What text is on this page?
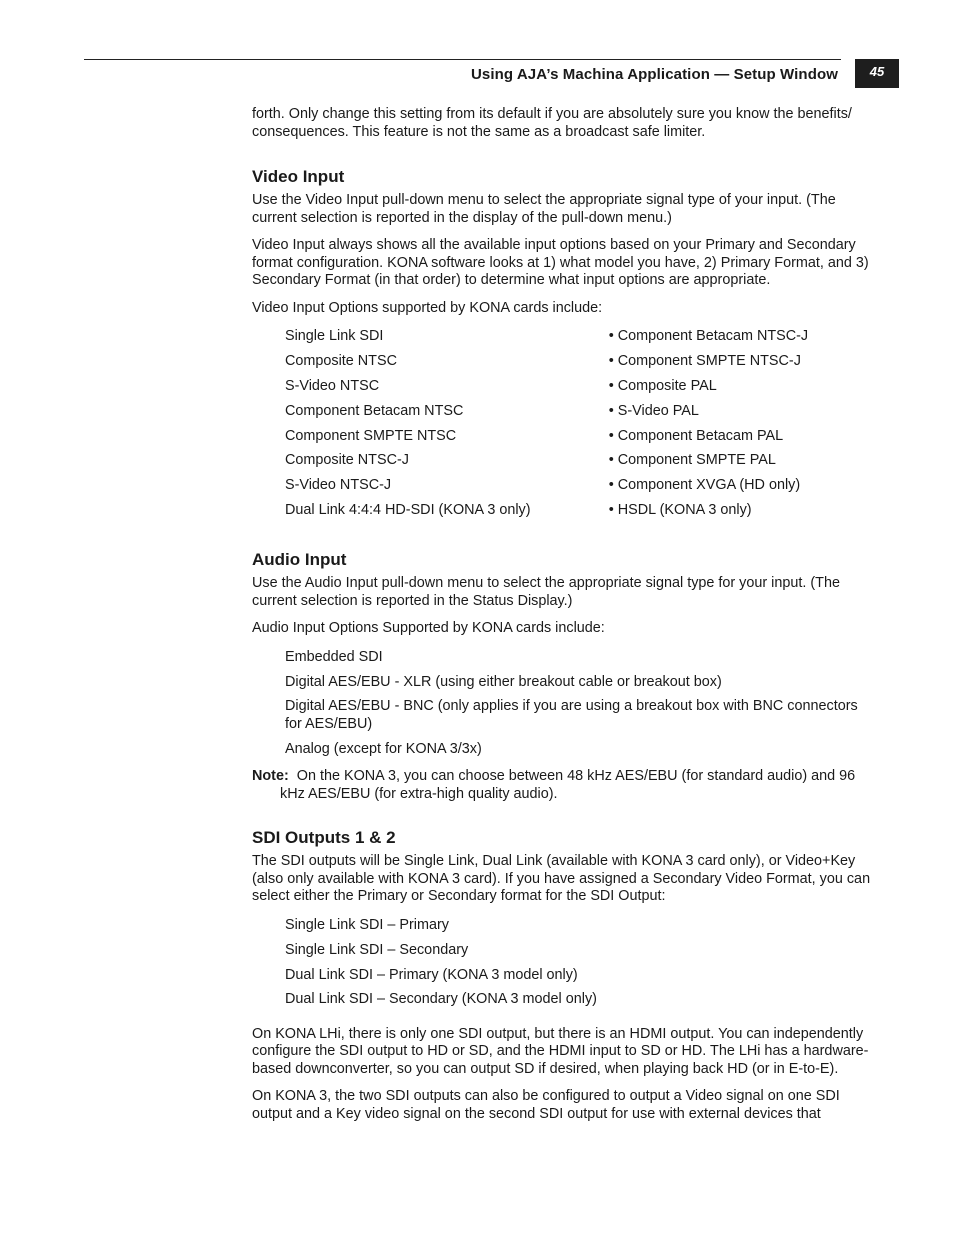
Using AJA’s Machina Application — Setup Window	45

forth. Only change this setting from its default if you are absolutely sure you know the benefits/ consequences. This feature is not the same as a broadcast safe limiter.

Video Input

Use the Video Input pull-down menu to select the appropriate signal type of your input. (The current selection is reported in the display of the pull-down menu.)

Video Input always shows all the available input options based on your Primary and Secondary format configuration. KONA software looks at 1) what model you have, 2) Primary Format, and 3) Secondary Format (in that order) to determine what input options are appropriate.

Video Input Options supported by KONA cards include:

Single Link SDI
Composite NTSC
S-Video NTSC
Component Betacam NTSC
Component SMPTE NTSC
Composite NTSC-J
S-Video NTSC-J
Dual Link 4:4:4 HD-SDI (KONA 3 only)
• Component Betacam NTSC-J
• Component SMPTE NTSC-J
• Composite PAL
• S-Video PAL
• Component Betacam PAL
• Component SMPTE PAL
• Component XVGA (HD only)
• HSDL (KONA 3 only)
Audio Input

Use the Audio Input pull-down menu to select the appropriate signal type for your input. (The current selection is reported in the Status Display.)

Audio Input Options Supported by KONA cards include:

Embedded SDI
Digital AES/EBU - XLR (using either breakout cable or breakout box)
Digital AES/EBU - BNC (only applies if you are using a breakout box with BNC connectors for AES/EBU)
Analog (except for KONA 3/3x)

Note: On the KONA 3, you can choose between 48 kHz AES/EBU (for standard audio) and 96 kHz AES/EBU (for extra-high quality audio).

SDI Outputs 1 & 2

The SDI outputs will be Single Link, Dual Link (available with KONA 3 card only), or Video+Key (also only available with KONA 3 card). If you have assigned a Secondary Video Format, you can select either the Primary or Secondary format for the SDI Output:

Single Link SDI – Primary
Single Link SDI – Secondary
Dual Link SDI – Primary (KONA 3 model only)
Dual Link SDI – Secondary (KONA 3 model only)

On KONA LHi, there is only one SDI output, but there is an HDMI output. You can independently configure the SDI output to HD or SD, and the HDMI input to SD or HD. The LHi has a hardware-based downconverter, so you can output SD if desired, when playing back HD (or in E-to-E).

On KONA 3, the two SDI outputs can also be configured to output a Video signal on one SDI output and a Key video signal on the second SDI output for use with external devices that
